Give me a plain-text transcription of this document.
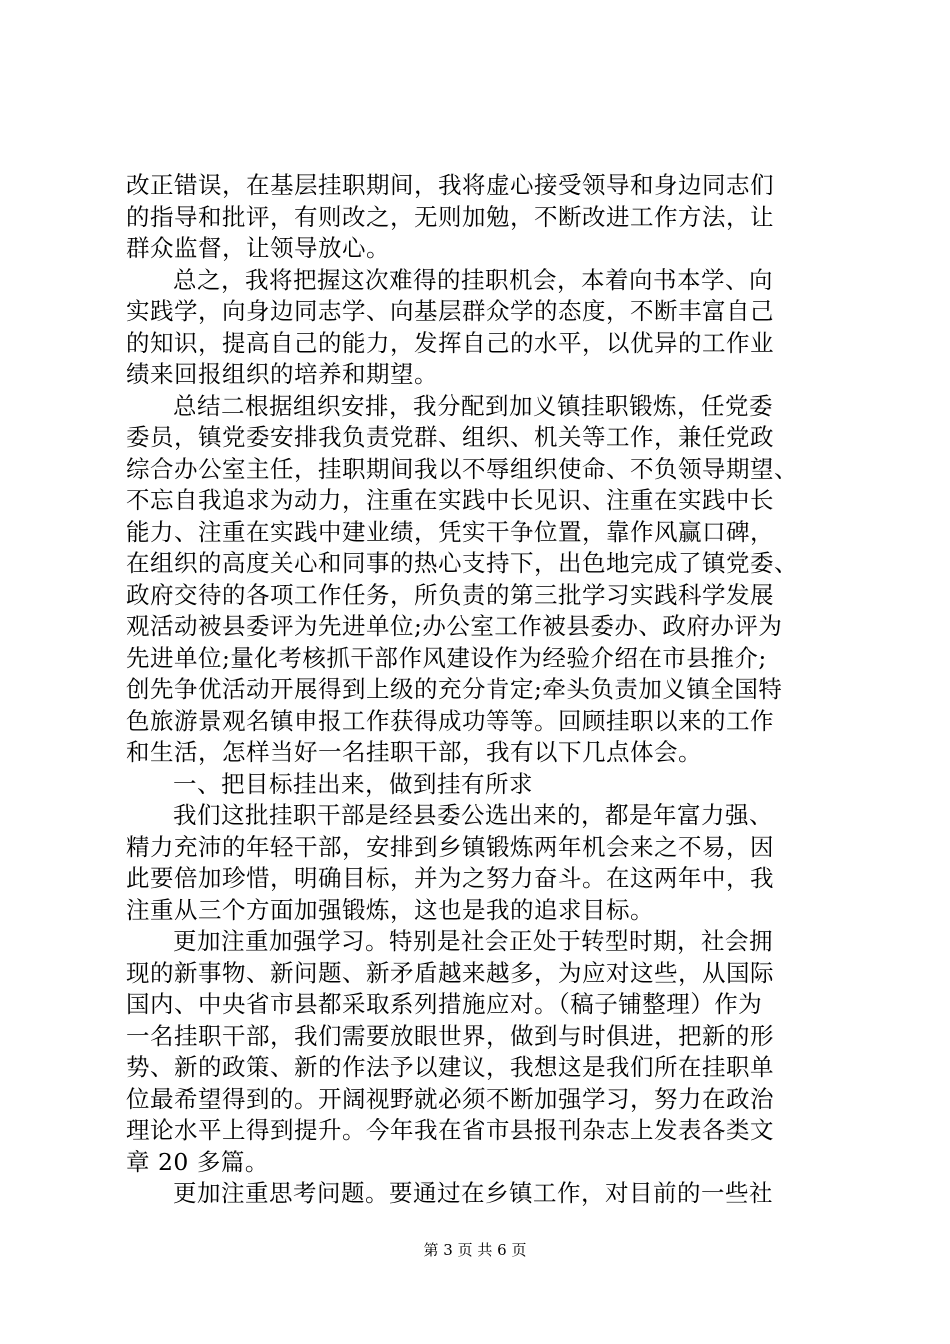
改正错误，在基层挂职期间，我将虚心接受领导和身边同志们
的指导和批评，有则改之，无则加勉，不断改进工作方法，让
群众监督，让领导放心。
总之，我将把握这次难得的挂职机会，本着向书本学、向
实践学，向身边同志学、向基层群众学的态度，不断丰富自己
的知识，提高自己的能力，发挥自己的水平，以优异的工作业
绩来回报组织的培养和期望。
总结二根据组织安排，我分配到加义镇挂职锻炼，任党委
委员，镇党委安排我负责党群、组织、机关等工作，兼任党政
综合办公室主任，挂职期间我以不辱组织使命、不负领导期望、
不忘自我追求为动力，注重在实践中长见识、注重在实践中长
能力、注重在实践中建业绩，凭实干争位置，靠作风赢口碑，
在组织的高度关心和同事的热心支持下，出色地完成了镇党委、
政府交待的各项工作任务，所负责的第三批学习实践科学发展
观活动被县委评为先进单位;办公室工作被县委办、政府办评为
先进单位;量化考核抓干部作风建设作为经验介绍在市县推介;
创先争优活动开展得到上级的充分肯定;牵头负责加义镇全国特
色旅游景观名镇申报工作获得成功等等。回顾挂职以来的工作
和生活，怎样当好一名挂职干部，我有以下几点体会。
一、把目标挂出来，做到挂有所求
我们这批挂职干部是经县委公选出来的，都是年富力强、
精力充沛的年轻干部，安排到乡镇锻炼两年机会来之不易，因
此要倍加珍惜，明确目标，并为之努力奋斗。在这两年中，我
注重从三个方面加强锻炼，这也是我的追求目标。
更加注重加强学习。特别是社会正处于转型时期，社会拥
现的新事物、新问题、新矛盾越来越多，为应对这些，从国际
国内、中央省市县都采取系列措施应对。（稿子铺整理）作为
一名挂职干部，我们需要放眼世界，做到与时俱进，把新的形
势、新的政策、新的作法予以建议，我想这是我们所在挂职单
位最希望得到的。开阔视野就必须不断加强学习，努力在政治
理论水平上得到提升。今年我在省市县报刊杂志上发表各类文
章 20 多篇。
更加注重思考问题。要通过在乡镇工作，对目前的一些社
第 3 页 共 6 页
